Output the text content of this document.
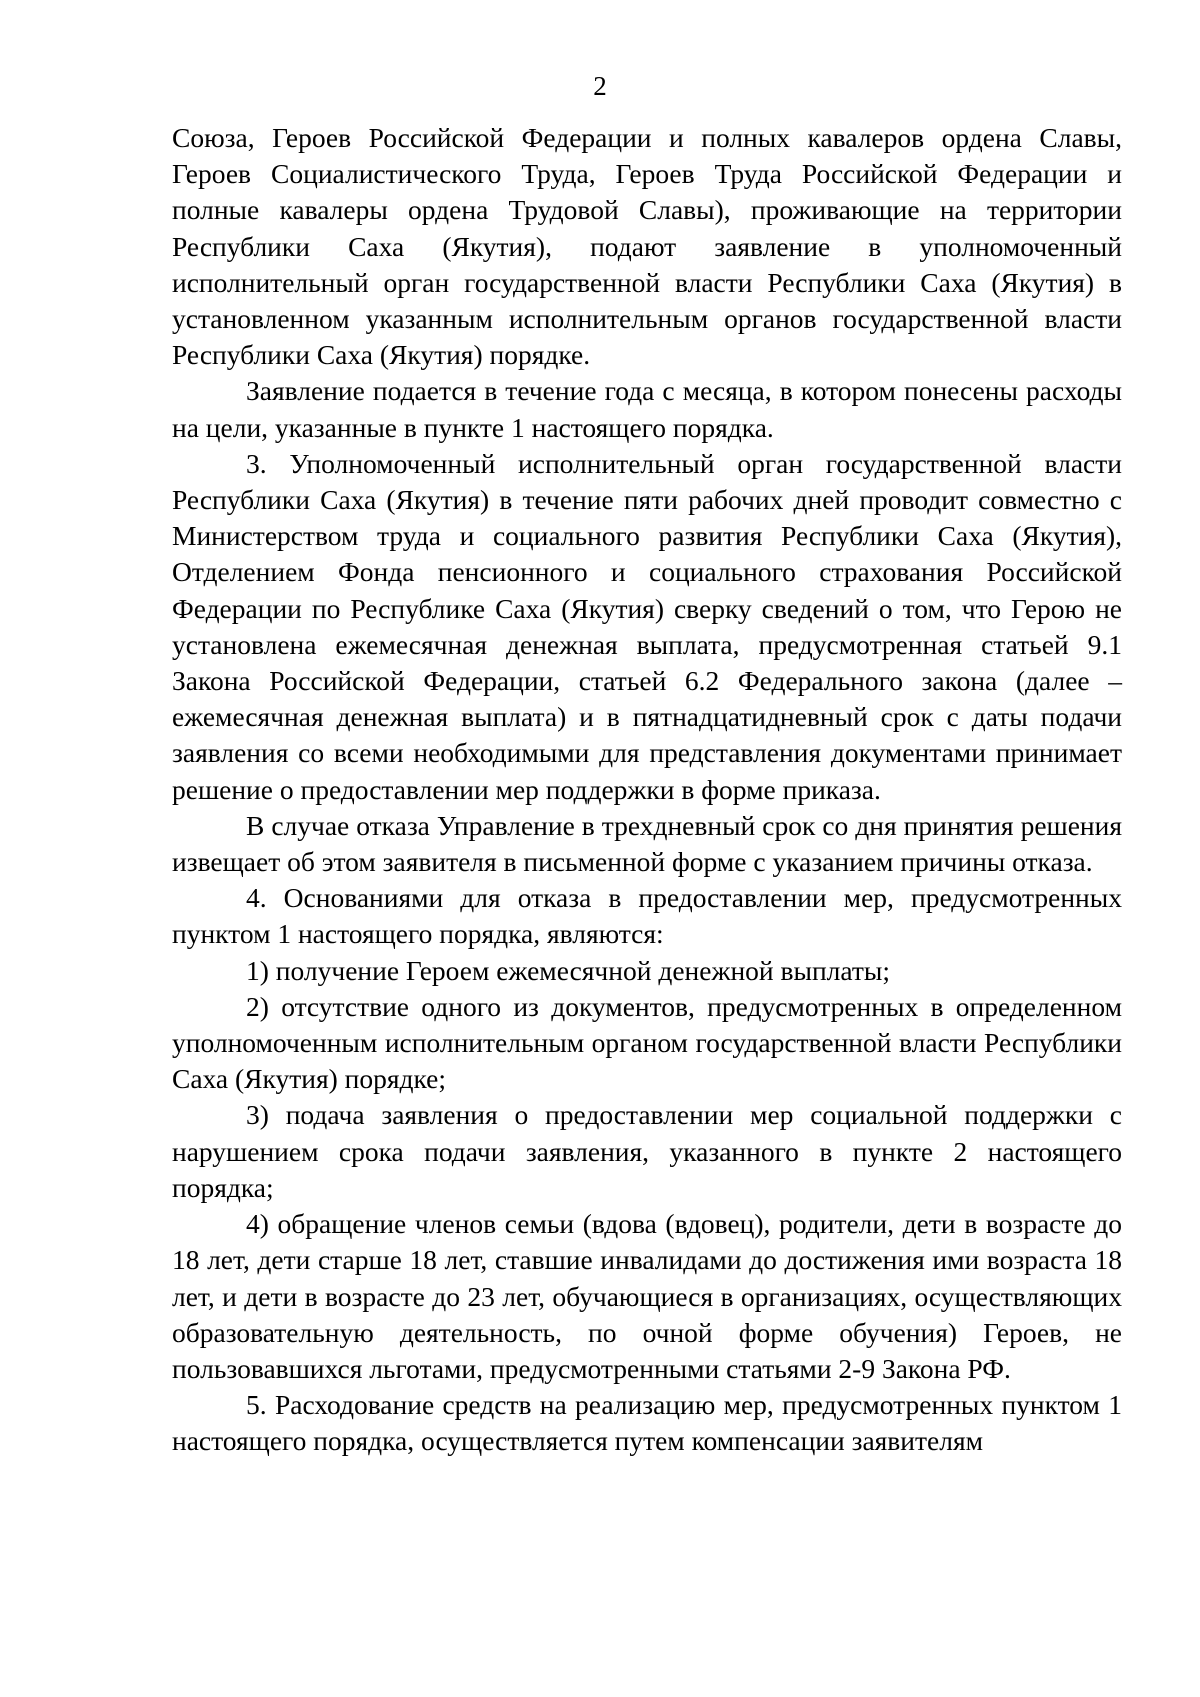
2

Союза, Героев Российской Федерации и полных кавалеров ордена Славы, Героев Социалистического Труда, Героев Труда Российской Федерации и полные кавалеры ордена Трудовой Славы), проживающие на территории Республики Саха (Якутия), подают заявление в уполномоченный исполнительный орган государственной власти Республики Саха (Якутия) в установленном указанным исполнительным органов государственной власти Республики Саха (Якутия) порядке.

Заявление подается в течение года с месяца, в котором понесены расходы на цели, указанные в пункте 1 настоящего порядка.

3. Уполномоченный исполнительный орган государственной власти Республики Саха (Якутия) в течение пяти рабочих дней проводит совместно с Министерством труда и социального развития Республики Саха (Якутия), Отделением Фонда пенсионного и социального страхования Российской Федерации по Республике Саха (Якутия) сверку сведений о том, что Герою не установлена ежемесячная денежная выплата, предусмотренная статьей 9.1 Закона Российской Федерации, статьей 6.2 Федерального закона (далее – ежемесячная денежная выплата) и в пятнадцатидневный срок с даты подачи заявления со всеми необходимыми для представления документами принимает решение о предоставлении мер поддержки в форме приказа.

В случае отказа Управление в трехдневный срок со дня принятия решения извещает об этом заявителя в письменной форме с указанием причины отказа.

4. Основаниями для отказа в предоставлении мер, предусмотренных пунктом 1 настоящего порядка, являются:

1) получение Героем ежемесячной денежной выплаты;

2) отсутствие одного из документов, предусмотренных в определенном уполномоченным исполнительным органом государственной власти Республики Саха (Якутия) порядке;

3) подача заявления о предоставлении мер социальной поддержки с нарушением срока подачи заявления, указанного в пункте 2 настоящего порядка;

4) обращение членов семьи (вдова (вдовец), родители, дети в возрасте до 18 лет, дети старше 18 лет, ставшие инвалидами до достижения ими возраста 18 лет, и дети в возрасте до 23 лет, обучающиеся в организациях, осуществляющих образовательную деятельность, по очной форме обучения) Героев, не пользовавшихся льготами, предусмотренными статьями 2-9 Закона РФ.

5. Расходование средств на реализацию мер, предусмотренных пунктом 1 настоящего порядка, осуществляется путем компенсации заявителям
